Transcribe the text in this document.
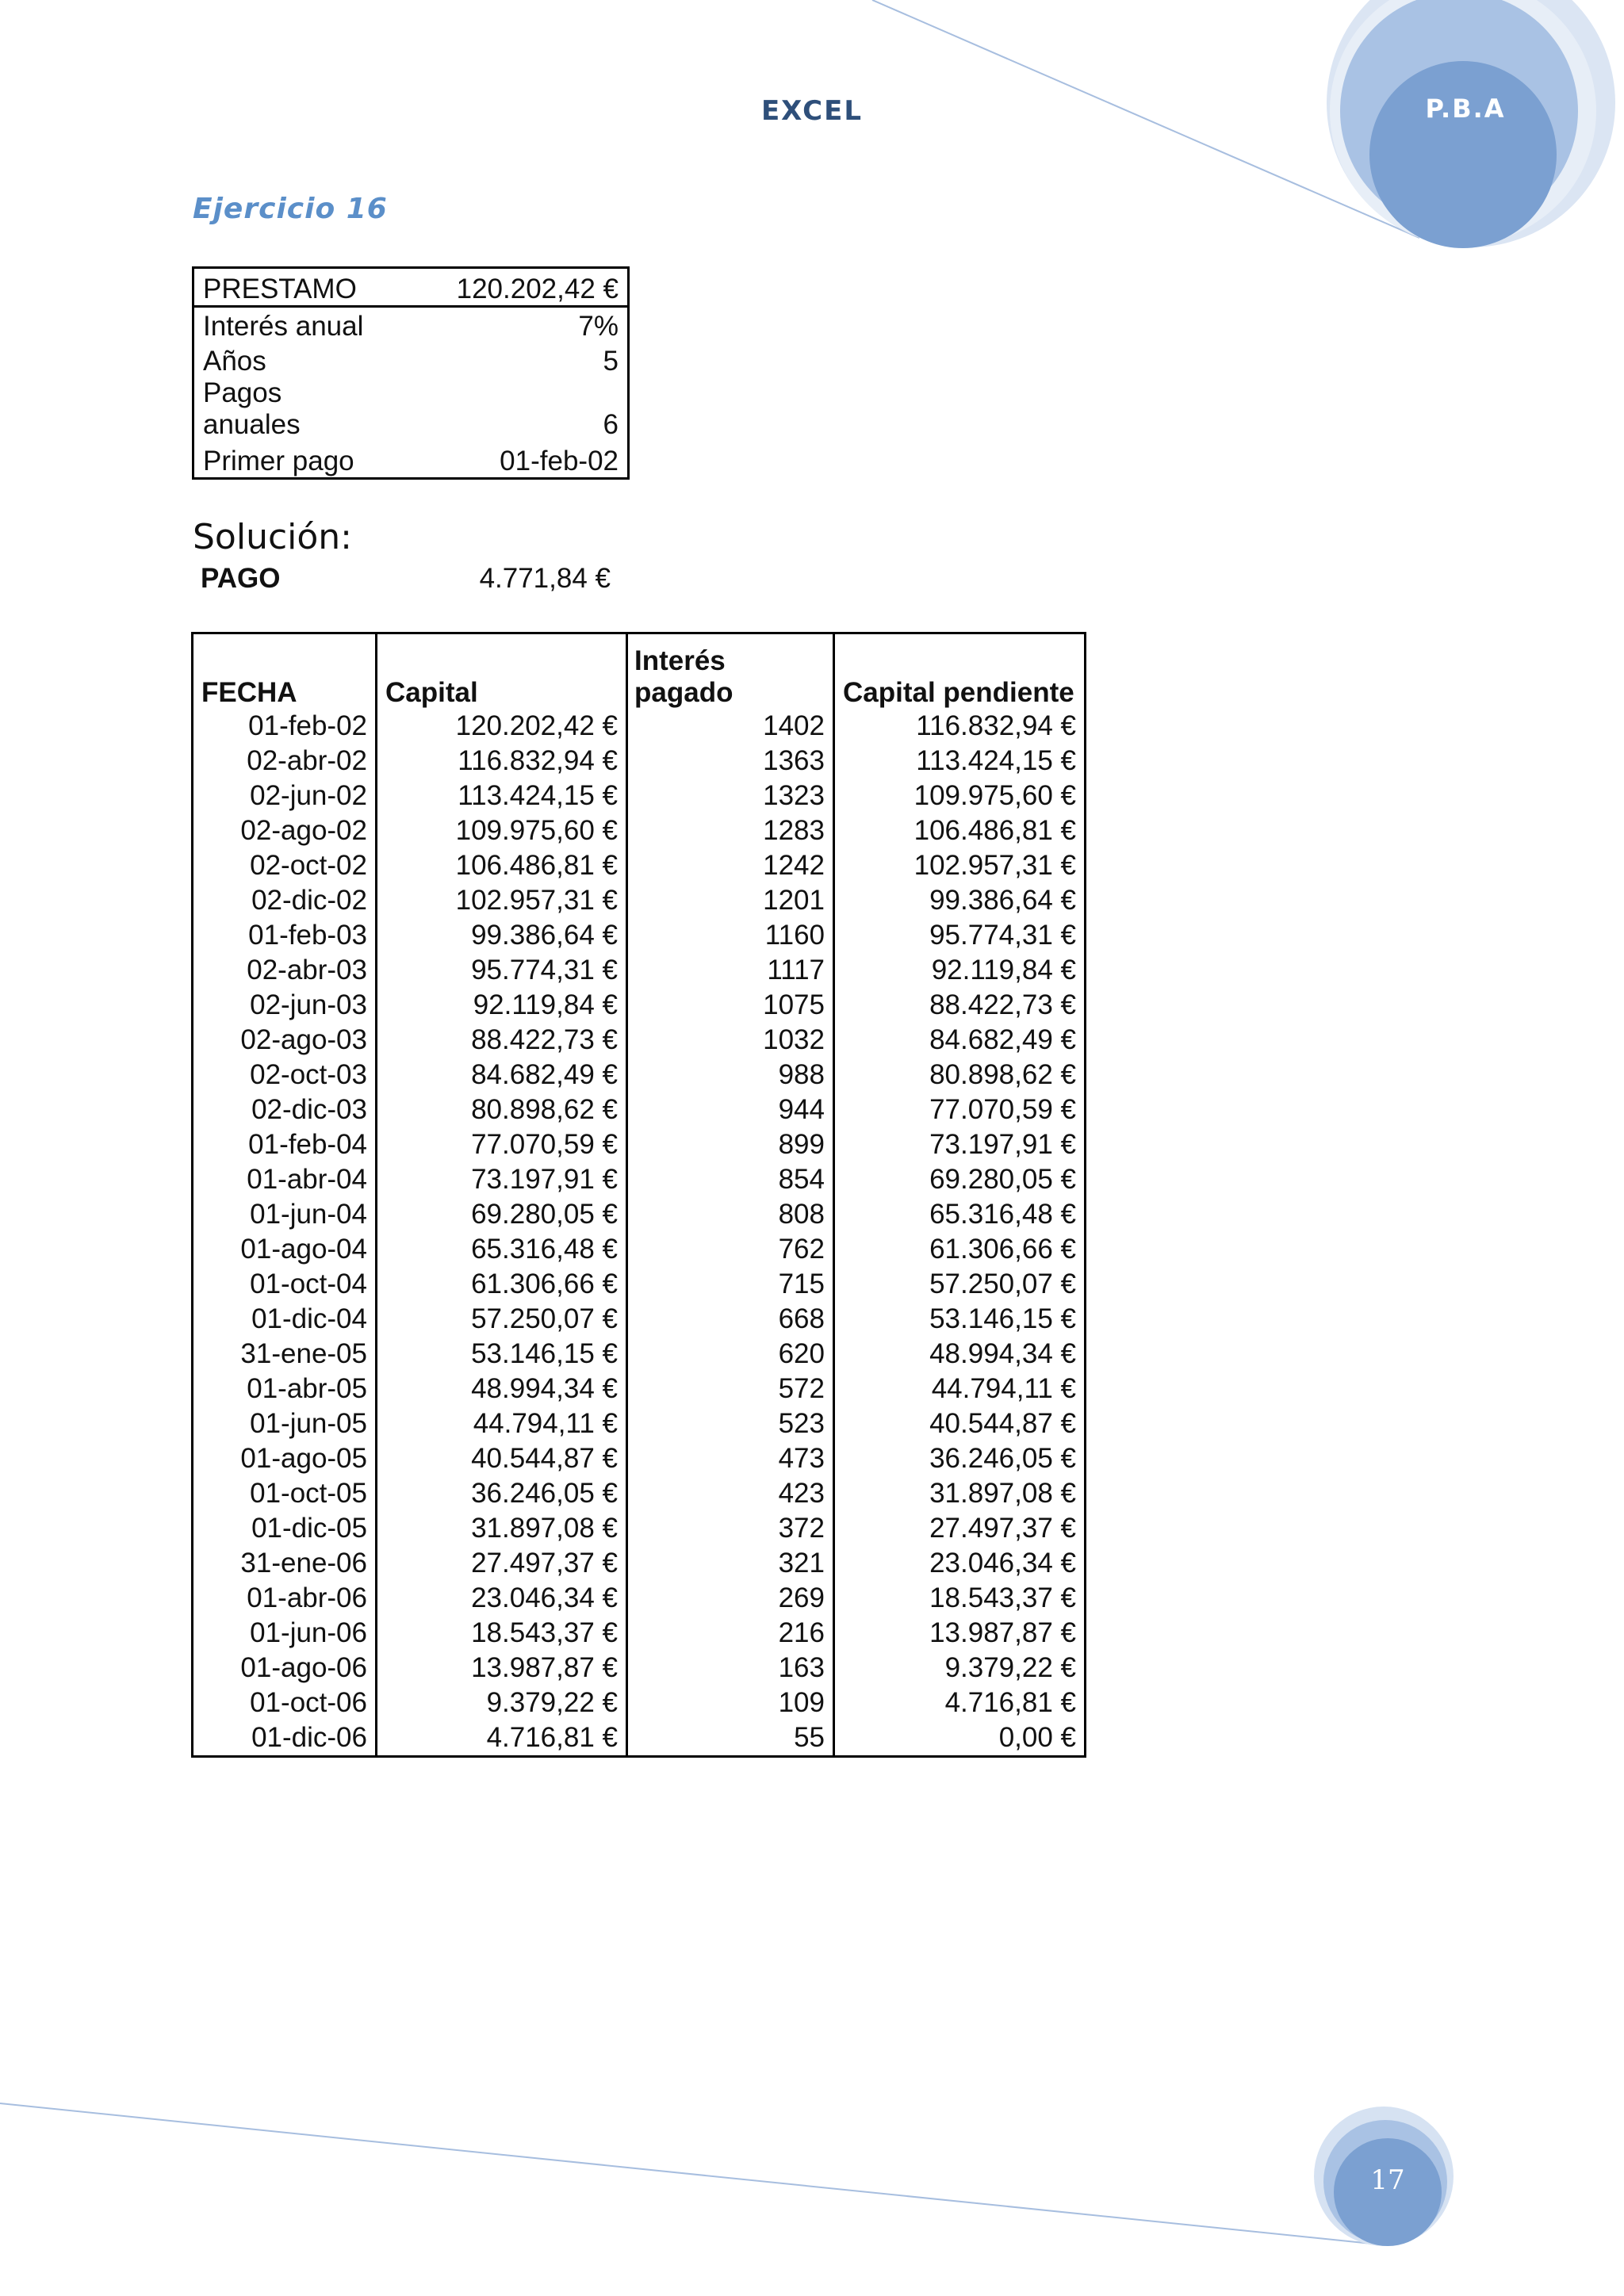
EXCEL	P.B.A
Ejercicio 16
PRESTAMO	120.202,42 €
Interés anual	7%
Años	5
Pagos anuales	6
Primer pago	01-feb-02
Solución:
PAGO	4.771,84 €
FECHA	Capital	Interés pagado	Capital pendiente
01-feb-02	120.202,42 €	1402	116.832,94 €
02-abr-02	116.832,94 €	1363	113.424,15 €
02-jun-02	113.424,15 €	1323	109.975,60 €
02-ago-02	109.975,60 €	1283	106.486,81 €
02-oct-02	106.486,81 €	1242	102.957,31 €
02-dic-02	102.957,31 €	1201	99.386,64 €
01-feb-03	99.386,64 €	1160	95.774,31 €
02-abr-03	95.774,31 €	1117	92.119,84 €
02-jun-03	92.119,84 €	1075	88.422,73 €
02-ago-03	88.422,73 €	1032	84.682,49 €
02-oct-03	84.682,49 €	988	80.898,62 €
02-dic-03	80.898,62 €	944	77.070,59 €
01-feb-04	77.070,59 €	899	73.197,91 €
01-abr-04	73.197,91 €	854	69.280,05 €
01-jun-04	69.280,05 €	808	65.316,48 €
01-ago-04	65.316,48 €	762	61.306,66 €
01-oct-04	61.306,66 €	715	57.250,07 €
01-dic-04	57.250,07 €	668	53.146,15 €
31-ene-05	53.146,15 €	620	48.994,34 €
01-abr-05	48.994,34 €	572	44.794,11 €
01-jun-05	44.794,11 €	523	40.544,87 €
01-ago-05	40.544,87 €	473	36.246,05 €
01-oct-05	36.246,05 €	423	31.897,08 €
01-dic-05	31.897,08 €	372	27.497,37 €
31-ene-06	27.497,37 €	321	23.046,34 €
01-abr-06	23.046,34 €	269	18.543,37 €
01-jun-06	18.543,37 €	216	13.987,87 €
01-ago-06	13.987,87 €	163	9.379,22 €
01-oct-06	9.379,22 €	109	4.716,81 €
01-dic-06	4.716,81 €	55	0,00 €
17
